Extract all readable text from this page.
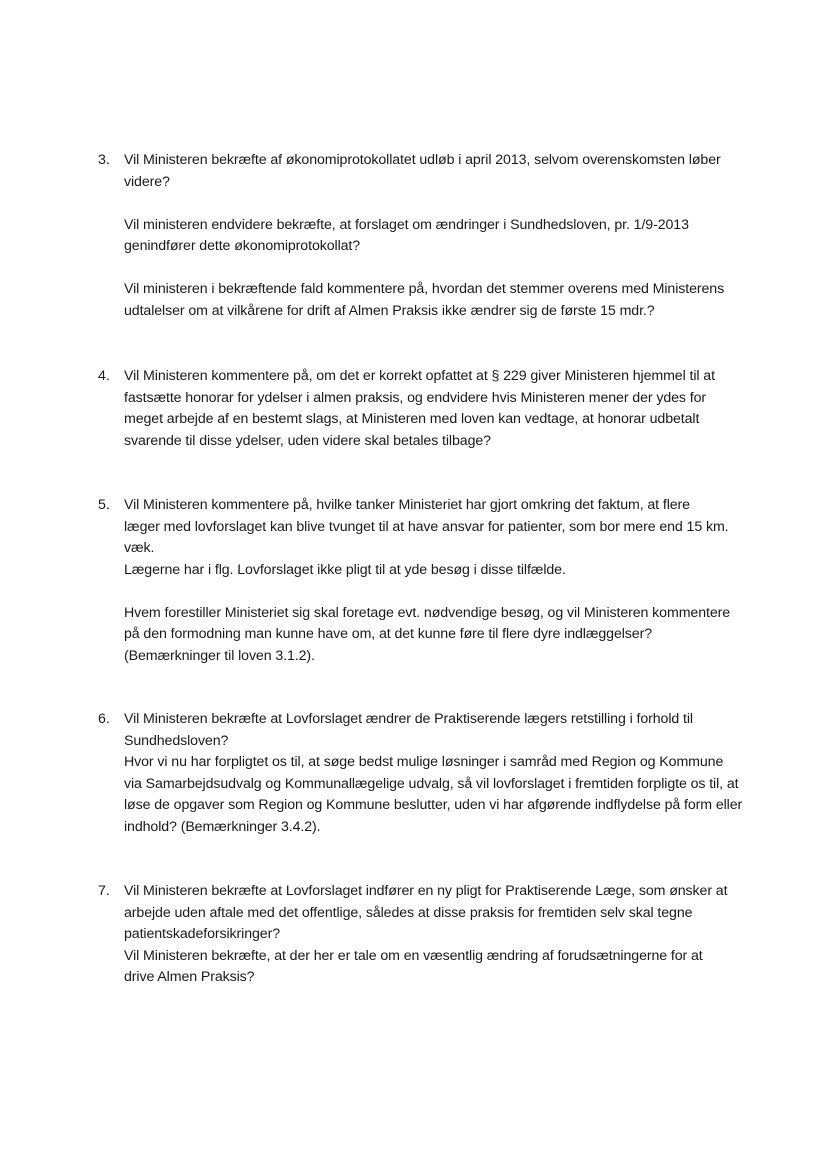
3. Vil Ministeren bekræfte af økonomiprotokollatet udløb i april 2013, selvom overenskomsten løber
videre?

Vil ministeren endvidere bekræfte, at forslaget om ændringer i Sundhedsloven, pr. 1/9-2013
genindfører dette økonomiprotokollat?

Vil ministeren i bekræftende fald kommentere på, hvordan det stemmer overens med Ministerens
udtalelser om at vilkårene for drift af Almen Praksis ikke ændrer sig de første 15 mdr.?

4. Vil Ministeren kommentere på, om det er korrekt opfattet at § 229 giver Ministeren hjemmel til at
fastsætte honorar for ydelser i almen praksis, og endvidere hvis Ministeren mener der ydes for
meget arbejde af en bestemt slags, at Ministeren med loven kan vedtage, at honorar udbetalt
svarende til disse ydelser, uden videre skal betales tilbage?

5. Vil Ministeren kommentere på, hvilke tanker Ministeriet har gjort omkring det faktum, at flere
læger med lovforslaget kan blive tvunget til at have ansvar for patienter, som bor mere end 15 km.
væk.
Lægerne har i flg. Lovforslaget ikke pligt til at yde besøg i disse tilfælde.

Hvem forestiller Ministeriet sig skal foretage evt. nødvendige besøg, og vil Ministeren kommentere
på den formodning man kunne have om, at det kunne føre til flere dyre indlæggelser?
(Bemærkninger til loven 3.1.2).

6. Vil Ministeren bekræfte at Lovforslaget ændrer de Praktiserende lægers retstilling i forhold til
Sundhedsloven?
Hvor vi nu har forpligtet os til, at søge bedst mulige løsninger i samråd med Region og Kommune
via Samarbejdsudvalg og Kommunallægelige udvalg, så vil lovforslaget i fremtiden forpligte os til, at
løse de opgaver som Region og Kommune beslutter, uden vi har afgørende indflydelse på form eller
indhold? (Bemærkninger 3.4.2).

7. Vil Ministeren bekræfte at Lovforslaget indfører en ny pligt for Praktiserende Læge, som ønsker at
arbejde uden aftale med det offentlige, således at disse praksis for fremtiden selv skal tegne
patientskadeforsikringer?
Vil Ministeren bekræfte, at der her er tale om en væsentlig ændring af forudsætningerne for at
drive Almen Praksis?
